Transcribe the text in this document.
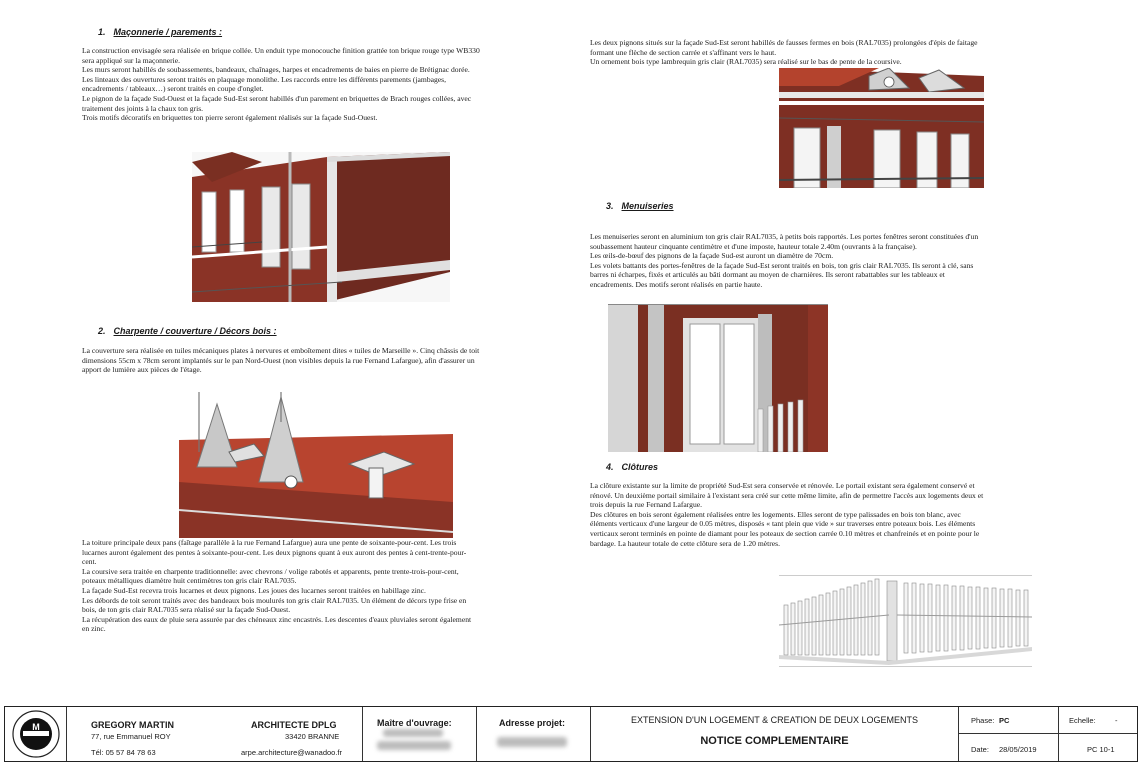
1. Maçonnerie / parements :
La construction envisagée sera réalisée en brique collée. Un enduit type monocouche finition grattée ton brique rouge type WB330
sera appliqué sur la maçonnerie.
Les murs seront habillés de soubassements, bandeaux, chaînages, harpes et encadrements de baies en pierre de Brétignac dorée.
Les linteaux des ouvertures seront traités en plaquage monolithe. Les raccords entre les différents parements (jambages,
encadrements / tableaux…) seront traités en coupe d'onglet.
Le pignon de la façade Sud-Ouest et la façade Sud-Est seront habillés d'un parement en briquettes de Brach rouges collées, avec
traitement des joints à la chaux ton gris.
Trois motifs décoratifs en briquettes ton pierre seront également réalisés sur la façade Sud-Ouest.
2. Charpente / couverture / Décors bois :
La couverture sera réalisée en tuiles mécaniques plates à nervures et emboîtement dites « tuiles de Marseille ». Cinq châssis de toit
dimensions 55cm x 78cm seront implantés sur le pan Nord-Ouest (non visibles depuis la rue Fernand Lafargue), afin d'assurer un
apport de lumière aux pièces de l'étage.
La toiture principale deux pans (faîtage parallèle à la rue Fernand Lafargue) aura une pente de soixante-pour-cent. Les trois
lucarnes auront également des pentes à soixante-pour-cent. Les deux pignons quant à eux auront des pentes à cent-trente-pour-
cent.
La coursive sera traitée en charpente traditionnelle: avec chevrons / volige rabotés et apparents, pente trente-trois-pour-cent,
poteaux métalliques diamètre huit centimètres ton gris clair RAL7035.
La façade Sud-Est recevra trois lucarnes et deux pignons. Les joues des lucarnes seront traitées en habillage zinc.
Les débords de toit seront traités avec des bandeaux bois moulurés ton gris clair RAL7035. Un élément de décors type frise en
bois, de ton gris clair RAL7035 sera réalisé sur la façade Sud-Ouest.
La récupération des eaux de pluie sera assurée par des chéneaux zinc encastrés. Les descentes d'eaux pluviales seront également
en zinc.
Les deux pignons situés sur la façade Sud-Est seront habillés de fausses fermes en bois (RAL7035) prolongées d'épis de faitage
formant une flèche de section carrée et s'affinant vers le haut.
Un ornement bois type lambrequin gris clair (RAL7035) sera réalisé sur le bas de pente de la coursive.
3. Menuiseries
Les menuiseries seront en aluminium ton gris clair RAL7035, à petits bois rapportés. Les portes fenêtres seront constituées d'un
soubassement hauteur cinquante centimètre et d'une imposte, hauteur totale 2.40m (ouvrants à la française).
Les œils-de-bœuf des pignons de la façade Sud-est auront un diamètre de 70cm.
Les volets battants des portes-fenêtres de la façade Sud-Est seront traités en bois, ton gris clair RAL7035. Ils seront à clé, sans
barres ni écharpes, fixés et articulés au bâti dormant au moyen de charnières. Ils seront rabattables sur les tableaux et
encadrements. Des motifs seront réalisés en partie haute.
4. Clôtures
La clôture existante sur la limite de propriété Sud-Est sera conservée et rénovée. Le portail existant sera également conservé et
rénové. Un deuxième portail similaire à l'existant sera créé sur cette même limite, afin de permettre l'accès aux logements deux et
trois depuis la rue Fernand Lafargue.
Des clôtures en bois seront également réalisées entre les logements. Elles seront de type palissades en bois ton blanc, avec
éléments verticaux d'une largeur de 0.05 mètres, disposés « tant plein que vide » sur traverses entre poteaux bois. Les éléments
verticaux seront terminés en pointe de diamant pour les poteaux de section carrée 0.10 mètres et chanfreinés et en pointe pour le
bardage. La hauteur totale de cette clôture sera de 1.20 mètres.
M	GREGORY MARTIN
77, rue Emmanuel ROY
Tél: 05 57 84 78 63
ARCHITECTE DPLG
33420 BRANNE
arpe.architecture@wanadoo.fr
Maître d'ouvrage:	Adresse projet:	EXTENSION D'UN LOGEMENT & CREATION DE DEUX LOGEMENTS
NOTICE COMPLEMENTAIRE
Phase: PC
Date: 28/05/2019
Echelle:	-
PC 10-1
